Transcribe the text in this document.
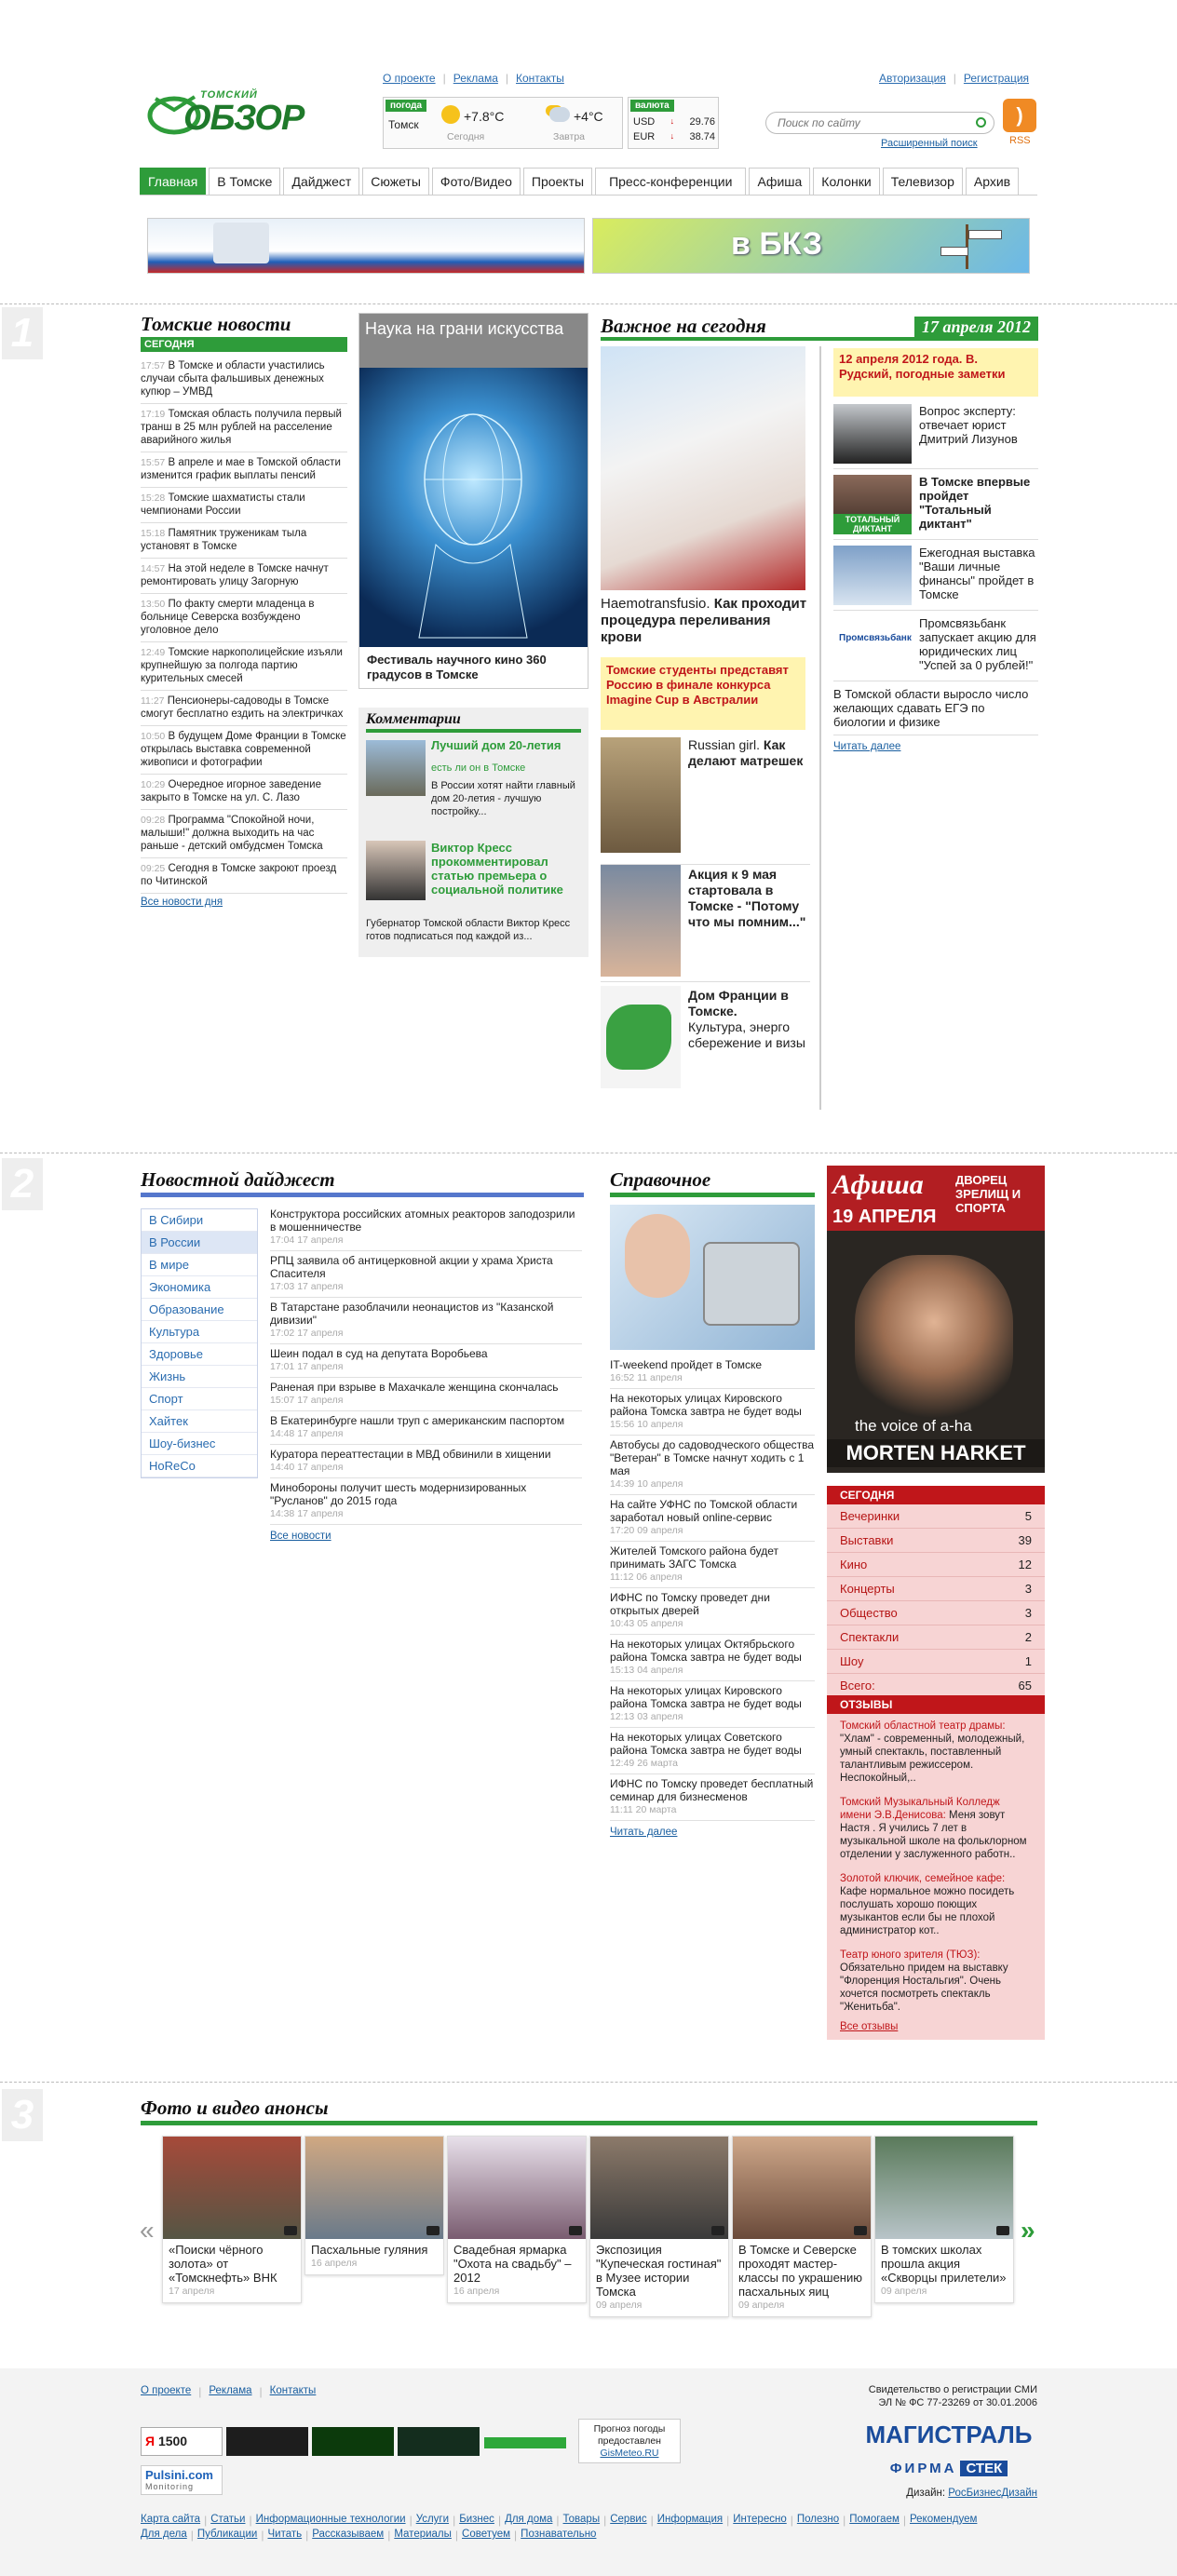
ТОМСКИЙ
ОБЗОР
О проекте | Реклама | Контакты
погода
Томск
+7.8°C
Сегодня
+4°C
Завтра
валюта
USD ↓ 29.76
EUR ↓ 38.74
Авторизация | Регистрация
Поиск по сайту
Расширенный поиск
)
RSS
Главная	В Томске	Дайджест	Сюжеты	Фото/Видео	Проекты	Пресс-конференции	Афиша	Колонки	Телевизор	Архив
в БКЗ
1	Томские новости
СЕГОДНЯ
17:57 В Томске и области участились случаи сбыта фальшивых денежных купюр – УМВД
17:19 Томская область получила первый транш в 25 млн рублей на расселение аварийного жилья
15:57 В апреле и мае в Томской области изменится график выплаты пенсий
15:28 Томские шахматисты стали чемпионами России
15:18 Памятник труженикам тыла установят в Томске
14:57 На этой неделе в Томске начнут ремонтировать улицу Загорную
13:50 По факту смерти младенца в больнице Северска возбуждено уголовное дело
12:49 Томские наркополицейские изъяли крупнейшую за полгода партию курительных смесей
11:27 Пенсионеры-садоводы в Томске смогут бесплатно ездить на электричках
10:50 В будущем Доме Франции в Томске открылась выставка современной живописи и фотографии
10:29 Очередное игорное заведение закрыто в Томске на ул. С. Лазо
09:28 Программа "Спокойной ночи, малыши!" должна выходить на час раньше - детский омбудсмен Томска
09:25 Сегодня в Томске закроют проезд по Читинской
Все новости дня
Наука на грани искусства
Фестиваль научного кино 360 градусов в Томске
Комментарии
Лучший дом 20-летия
есть ли он в Томске
В России хотят найти главный дом 20-летия - лучшую постройку...
Виктор Кресс прокомментировал статью премьера о социальной политике
Губернатор Томской области Виктор Кресс готов подписаться под каждой из...
Важное на сегодня	17 апреля 2012
Haemotransfusio. Как проходит процедура переливания крови
Томские студенты представят Россию в финале конкурса Imagine Cup в Австралии
Russian girl. Как делают матрешек
Акция к 9 мая стартовала в Томске - "Потому что мы помним..."
Дом Франции в Томске.
Культура, энерго сбережение и визы
12 апреля 2012 года. В. Рудский, погодные заметки
Вопрос эксперту: отвечает юрист Дмитрий Лизунов
ТОТАЛЬНЫЙ ДИКТАНТ
В Томске впервые пройдет "Тотальный диктант"
Ежегодная выставка "Ваши личные финансы" пройдет в Томске
Промсвязьбанк
Промсвязьбанк запускает акцию для юридических лиц "Успей за 0 рублей!"
В Томской области выросло число желающих сдавать ЕГЭ по биологии и физике
Читать далее
2	Новостной дайджест
В Сибири
В России
В мире
Экономика
Образование
Культура
Здоровье
Жизнь
Спорт
Хайтек
Шоу-бизнес
HoReCo
Конструктора российских атомных реакторов заподозрили в мошенничестве
17:04 17 апреля
РПЦ заявила об антицерковной акции у храма Христа Спасителя
17:03 17 апреля
В Татарстане разоблачили неонацистов из "Казанской дивизии"
17:02 17 апреля
Шеин подал в суд на депутата Воробьева
17:01 17 апреля
Раненая при взрыве в Махачкале женщина скончалась
15:07 17 апреля
В Екатеринбурге нашли труп с американским паспортом
14:48 17 апреля
Куратора переаттестации в МВД обвинили в хищении
14:40 17 апреля
Минобороны получит шесть модернизированных "Русланов" до 2015 года
14:38 17 апреля
Все новости
Справочное
IT-weekend пройдет в Томске
16:52 11 апреля
На некоторых улицах Кировского района Томска завтра не будет воды
15:56 10 апреля
Автобусы до садоводческого общества "Ветеран" в Томске начнут ходить с 1 мая
14:39 10 апреля
На сайте УФНС по Томской области заработал новый online-сервис
17:20 09 апреля
Жителей Томского района будет принимать ЗАГС Томска
11:12 06 апреля
ИФНС по Томску проведет дни открытых дверей
10:43 05 апреля
На некоторых улицах Октябрьского района Томска завтра не будет воды
15:13 04 апреля
На некоторых улицах Кировского района Томска завтра не будет воды
12:13 03 апреля
На некоторых улицах Советского района Томска завтра не будет воды
12:49 26 марта
ИФНС по Томску проведет бесплатный семинар для бизнесменов
11:11 20 марта
Читать далее
Афиша
19 АПРЕЛЯ
ДВОРЕЦ ЗРЕЛИЩ И СПОРТА
the voice of a-ha
MORTEN HARKET
СЕГОДНЯ
Вечеринки	5
Выставки	39
Кино	12
Концерты	3
Общество	3
Спектакли	2
Шоу	1
Всего:	65
ОТЗЫВЫ
Томский областной театр драмы: "Хлам" - современный, молодежный, умный спектакль, поставленный талантливым режиссером. Неспокойный,..
Томский Музыкальный Колледж имени Э.В.Денисова: Меня зовут Настя . Я учились 7 лет в музыкальной школе на фольклорном отделении у заслуженного работн..
Золотой ключик, семейное кафе: Кафе нормальное можно посидеть послушать хорошо поющих музыкантов если бы не плохой администратор кот..
Театр юного зрителя (ТЮЗ): Обязательно придем на выставку "Флоренция Ностальгия". Очень хочется посмотреть спектакль "Женитьба".
Все отзывы
3	Фото и видео анонсы
«	»
«Поиски чёрного золота» от «Томскнефть» ВНК
17 апреля
Пасхальные гуляния
16 апреля
Свадебная ярмарка "Охота на свадьбу" – 2012
16 апреля
Экспозиция "Купеческая гостиная" в Музее истории Томска
09 апреля
В Томске и Северске проходят мастер-классы по украшению пасхальных яиц
09 апреля
В томских школах прошла акция «Скворцы прилетели»
09 апреля
О проекте | Реклама | Контакты	Свидетельство о регистрации СМИ
ЭЛ № ФС 77-23269 от 30.01.2006
Я 1500
Прогноз погоды
предоставлен
GisMeteo.RU
Pulsini.com
Monitoring
МАГИСТРАЛЬ
ФИРМА СТЕК
Дизайн: РосБизнесДизайн
Карта сайта | Статьи | Информационные технологии | Услуги | Бизнес | Для дома | Товары | Сервис | Информация | Интересно | Полезно | Помогаем | Рекомендуем
Для дела | Публикации | Читать | Рассказываем | Материалы | Советуем | Познавательно
